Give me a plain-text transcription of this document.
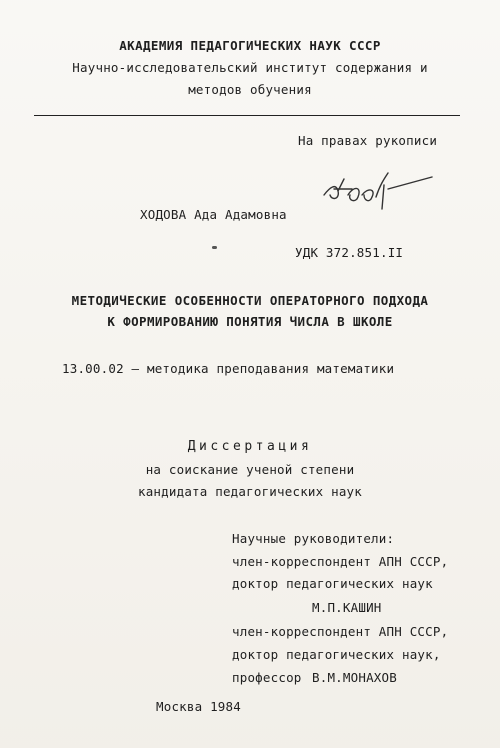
АКАДЕМИЯ ПЕДАГОГИЧЕСКИХ НАУК СССР
Научно-исследовательский институт содержания и
методов обучения
На правах рукописи
ХОДОВА Ада Адамовна
УДК 372.851.II
МЕТОДИЧЕСКИЕ ОСОБЕННОСТИ ОПЕРАТОРНОГО ПОДХОДА
К ФОРМИРОВАНИЮ ПОНЯТИЯ ЧИСЛА В ШКОЛЕ
13.00.02 — методика преподавания математики
Диссертация
на соискание ученой степени
кандидата педагогических наук
Научные руководители:
член-корреспондент АПН СССР,
доктор педагогических наук
М.П.КАШИН
член-корреспондент АПН СССР,
доктор педагогических наук,
профессор В.М.МОНАХОВ
Москва 1984
